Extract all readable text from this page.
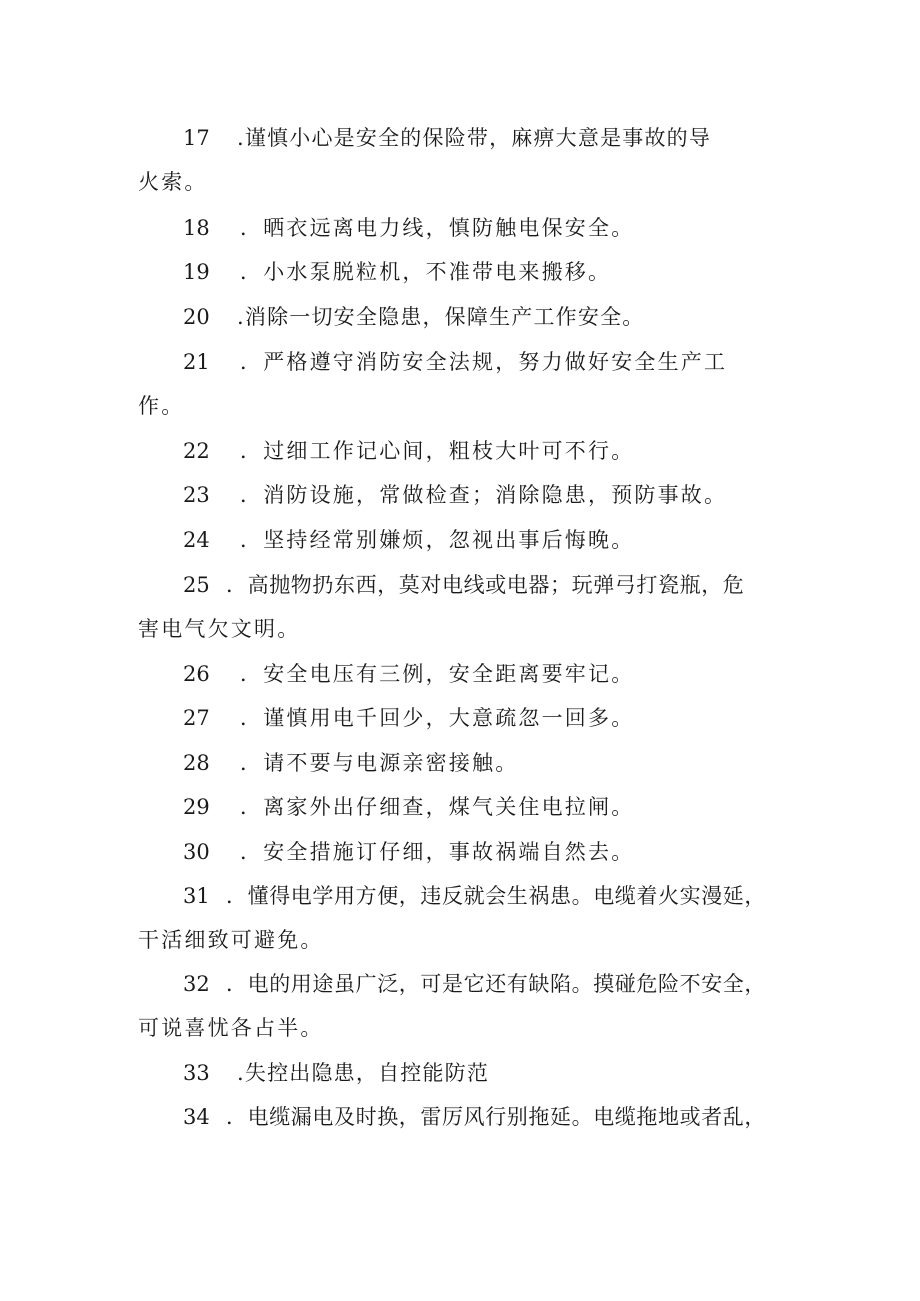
17 .谨慎小心是安全的保险带，麻痹大意是事故的导
火索。
18 ．晒衣远离电力线，慎防触电保安全。
19 ．小水泵脱粒机，不准带电来搬移。
20 .消除一切安全隐患，保障生产工作安全。
21 ．严格遵守消防安全法规，努力做好安全生产工
作。
22 ．过细工作记心间，粗枝大叶可不行。
23 ．消防设施，常做检查；消除隐患，预防事故。
24 ．坚持经常别嫌烦，忽视出事后悔晚。
25 ．高抛物扔东西，莫对电线或电器；玩弹弓打瓷瓶，危
害电气欠文明。
26 ．安全电压有三例，安全距离要牢记。
27 ．谨慎用电千回少，大意疏忽一回多。
28 ．请不要与电源亲密接触。
29 ．离家外出仔细查，煤气关住电拉闸。
30 ．安全措施订仔细，事故祸端自然去。
31 ．懂得电学用方便，违反就会生祸患。电缆着火实漫延，
干活细致可避免。
32 ．电的用途虽广泛，可是它还有缺陷。摸碰危险不安全，
可说喜忧各占半。
33 .失控出隐患，自控能防范
34 ．电缆漏电及时换，雷厉风行别拖延。电缆拖地或者乱，
